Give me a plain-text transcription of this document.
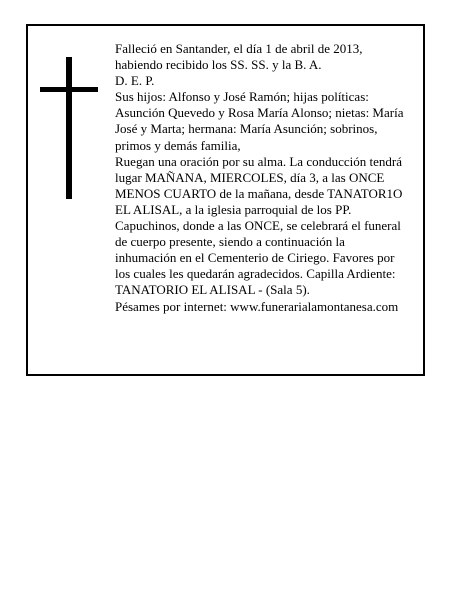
Falleció en Santander, el día 1 de abril de 2013,
habiendo recibido los SS. SS. y la B. A.
D. E. P.
Sus hijos: Alfonso y José Ramón; hijas políticas:
Asunción Quevedo y Rosa María Alonso; nietas: María
José y Marta; hermana: María Asunción; sobrinos,
primos y demás familia,
Ruegan una oración por su alma. La conducción tendrá
lugar MAÑANA, MIERCOLES, día 3, a las ONCE
MENOS CUARTO de la mañana, desde TANATOR1O
EL ALISAL, a la iglesia parroquial de los PP.
Capuchinos, donde a las ONCE, se celebrará el funeral
de cuerpo presente, siendo a continuación la
inhumación en el Cementerio de Ciriego. Favores por
los cuales les quedarán agradecidos. Capilla Ardiente:
TANATORIO EL ALISAL - (Sala 5).
Pésames por internet: www.funerarialamontanesa.com
